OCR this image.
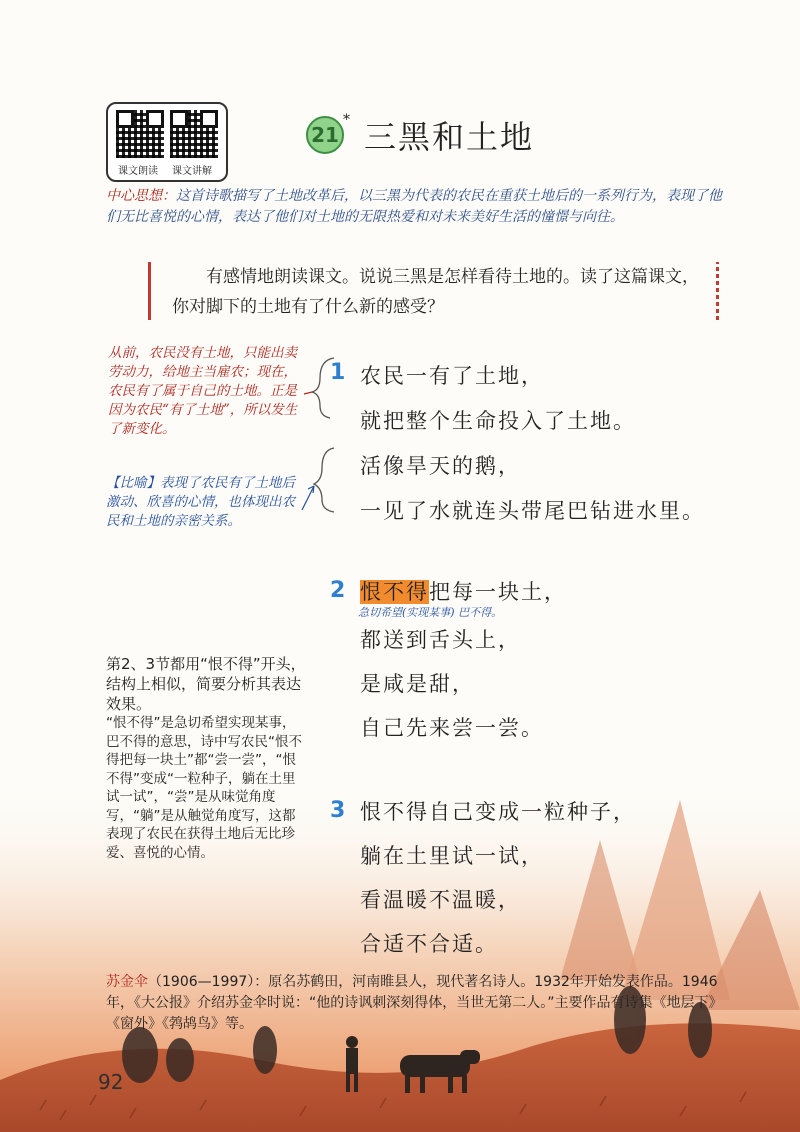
课文朗读 课文讲解
21
* 三黑和土地
中心思想：这首诗歌描写了土地改革后，以三黑为代表的农民在重获土地后的一系列行为，表现了他们无比喜悦的心情，表达了他们对土地的无限热爱和对未来美好生活的憧憬与向往。
有感情地朗读课文。说说三黑是怎样看待土地的。读了这篇课文，你对脚下的土地有了什么新的感受？
从前，农民没有土地，只能出卖劳动力，给地主当雇农；现在，农民有了属于自己的土地。正是因为农民“有了土地”，所以发生了新变化。
【比喻】表现了农民有了土地后激动、欣喜的心情，也体现出农民和土地的亲密关系。
第2、3节都用“恨不得”开头，结构上相似，简要分析其表达效果。
“恨不得”是急切希望实现某事，巴不得的意思，诗中写农民“恨不得把每一块土”都“尝一尝”，“恨不得”变成“一粒种子，躺在土里试一试”，“尝”是从味觉角度写，“躺”是从触觉角度写，这都表现了农民在获得土地后无比珍爱、喜悦的心情。
1 农民一有了土地，
就把整个生命投入了土地。
活像旱天的鹅，
一见了水就连头带尾巴钻进水里。
2 恨不得把每一块土，
急切希望(实现某事) 巴不得。
都送到舌头上，
是咸是甜，
自己先来尝一尝。
3 恨不得自己变成一粒种子，
躺在土里试一试，
看温暖不温暖，
合适不合适。
苏金伞（1906—1997）：原名苏鹤田，河南睢县人，现代著名诗人。1932年开始发表作品。1946年，《大公报》介绍苏金伞时说：“他的诗讽刺深刻得体，当世无第二人。”主要作品有诗集《地层下》《窗外》《鹁鸪鸟》等。
92
